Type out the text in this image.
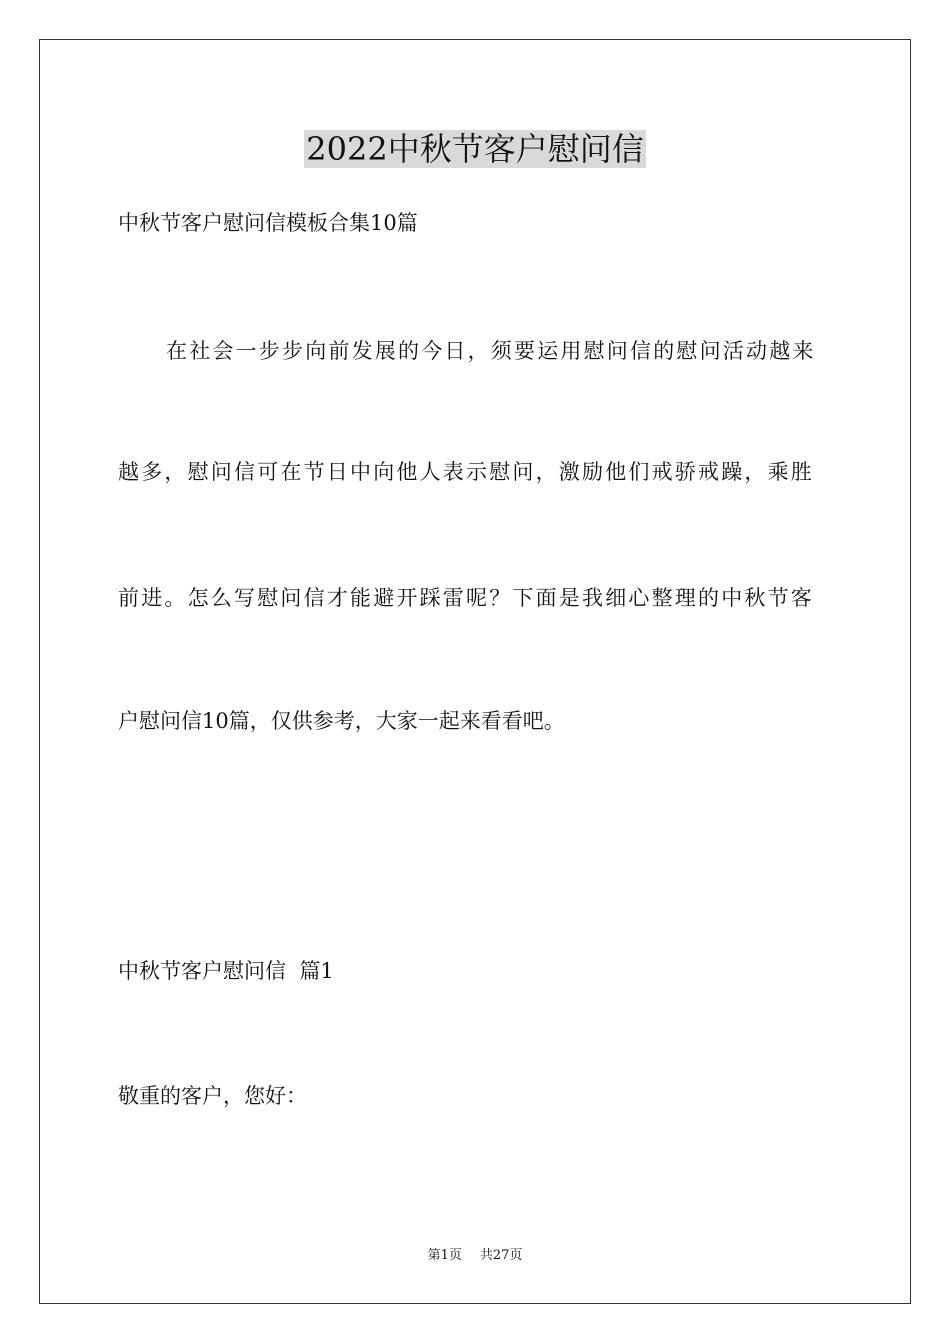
2022中秋节客户慰问信
中秋节客户慰问信模板合集10篇
在社会一步步向前发展的今日，须要运用慰问信的慰问活动越来
越多，慰问信可在节日中向他人表示慰问，激励他们戒骄戒躁，乘胜
前进。怎么写慰问信才能避开踩雷呢？下面是我细心整理的中秋节客
户慰问信10篇，仅供参考，大家一起来看看吧。
中秋节客户慰问信  篇1
敬重的客户，您好：
第1页 共27页
